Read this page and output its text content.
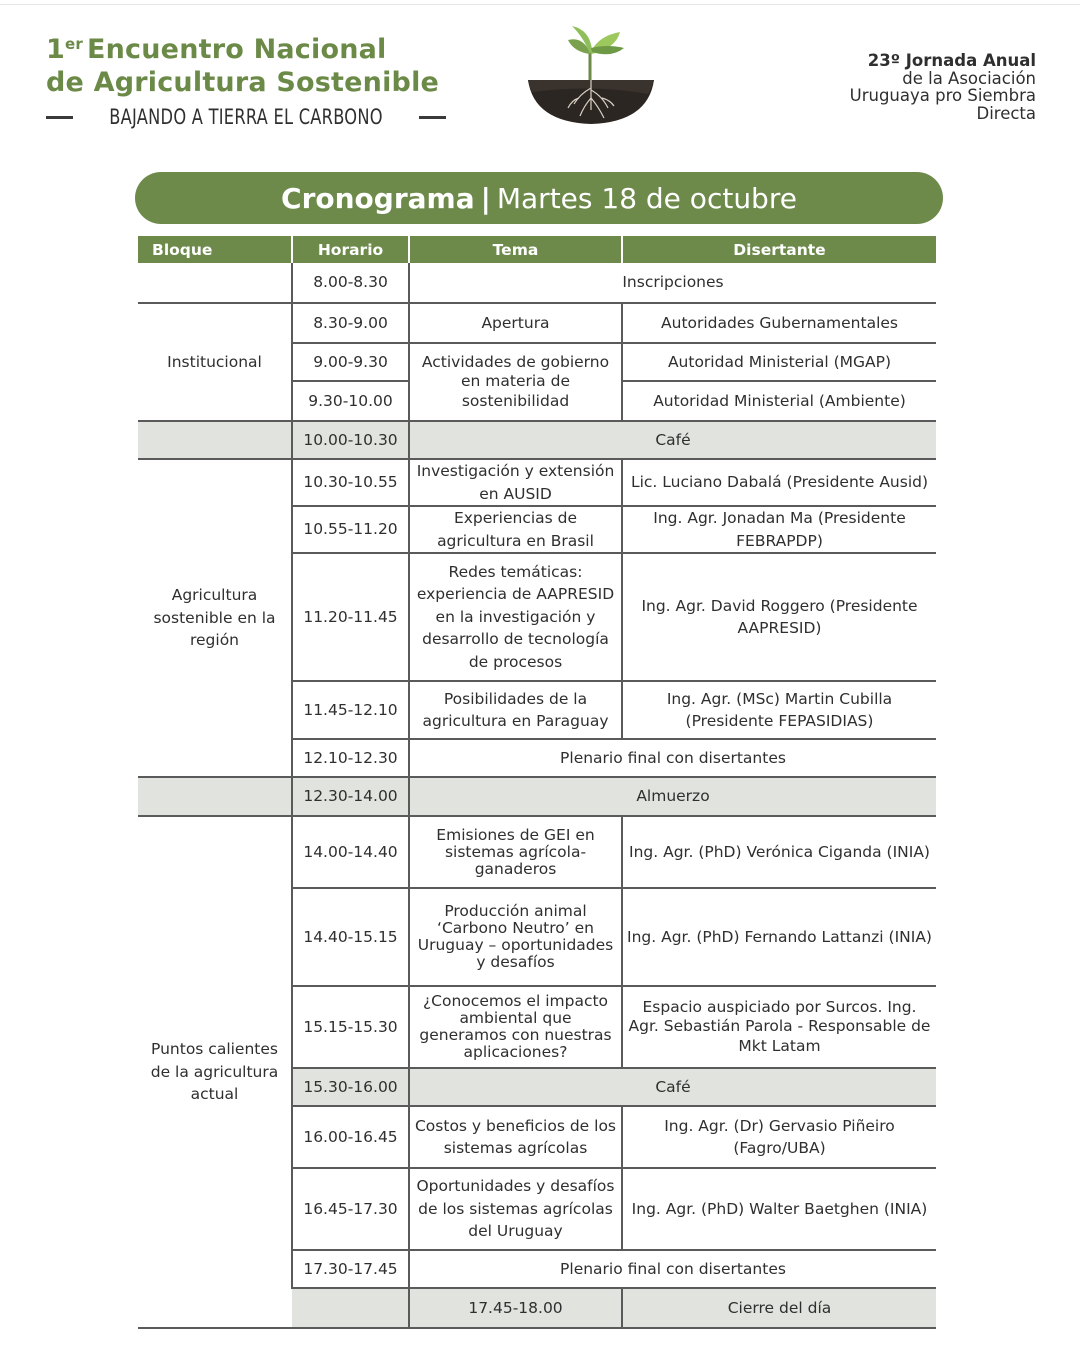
1er Encuentro Nacional
de Agricultura Sostenible
BAJANDO A TIERRA EL CARBONO
23º Jornada Anual
de la Asociación
Uruguaya pro Siembra
Directa
Cronograma | Martes 18 de octubre
Bloque	Horario	Tema	Disertante
	8.00-8.30	Inscripciones	
Institucional	8.30-9.00	Apertura	Autoridades Gubernamentales
	9.00-9.30	Actividades de gobierno en materia de sostenibilidad	Autoridad Ministerial (MGAP)
	9.30-10.00		Autoridad Ministerial (Ambiente)
	10.00-10.30	Café	
Agricultura sostenible en la región	10.30-10.55	Investigación y extensión en AUSID	Lic. Luciano Dabalá (Presidente Ausid)
	10.55-11.20	Experiencias de agricultura en Brasil	Ing. Agr. Jonadan Ma (Presidente FEBRAPDP)
	11.20-11.45	Redes temáticas: experiencia de AAPRESID en la investigación y desarrollo de tecnología de procesos	Ing. Agr. David Roggero (Presidente AAPRESID)
	11.45-12.10	Posibilidades de la agricultura en Paraguay	Ing. Agr. (MSc) Martin Cubilla (Presidente FEPASIDIAS)
	12.10-12.30	Plenario final con disertantes	
	12.30-14.00	Almuerzo	
Puntos calientes de la agricultura actual	14.00-14.40	Emisiones de GEI en sistemas agrícola-ganaderos	Ing. Agr. (PhD) Verónica Ciganda (INIA)
	14.40-15.15	Producción animal ‘Carbono Neutro’ en Uruguay – oportunidades y desafíos	Ing. Agr. (PhD) Fernando Lattanzi (INIA)
	15.15-15.30	¿Conocemos el impacto ambiental que generamos con nuestras aplicaciones?	Espacio auspiciado por Surcos. Ing. Agr. Sebastián Parola - Responsable de Mkt Latam
	15.30-16.00	Café	
	16.00-16.45	Costos y beneficios de los sistemas agrícolas	Ing. Agr. (Dr) Gervasio Piñeiro (Fagro/UBA)
	16.45-17.30	Oportunidades y desafíos de los sistemas agrícolas del Uruguay	Ing. Agr. (PhD) Walter Baetghen (INIA)
	17.30-17.45	Plenario final con disertantes	
		17.45-18.00	Cierre del día
